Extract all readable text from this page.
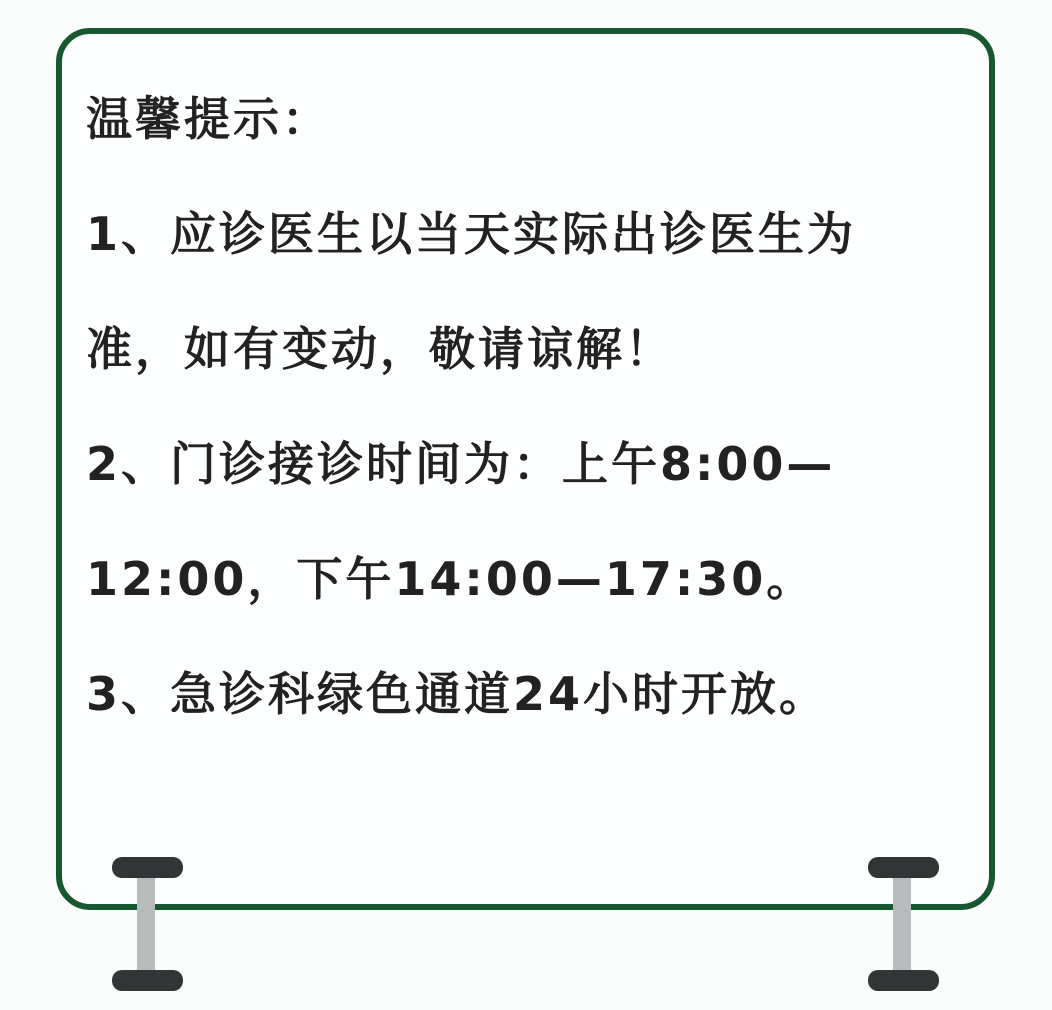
温馨提示：
1、应诊医生以当天实际出诊医生为
准，如有变动，敬请谅解！
2、门诊接诊时间为：上午8:00—
12:00，下午14:00—17:30。
3、急诊科绿色通道24小时开放。
